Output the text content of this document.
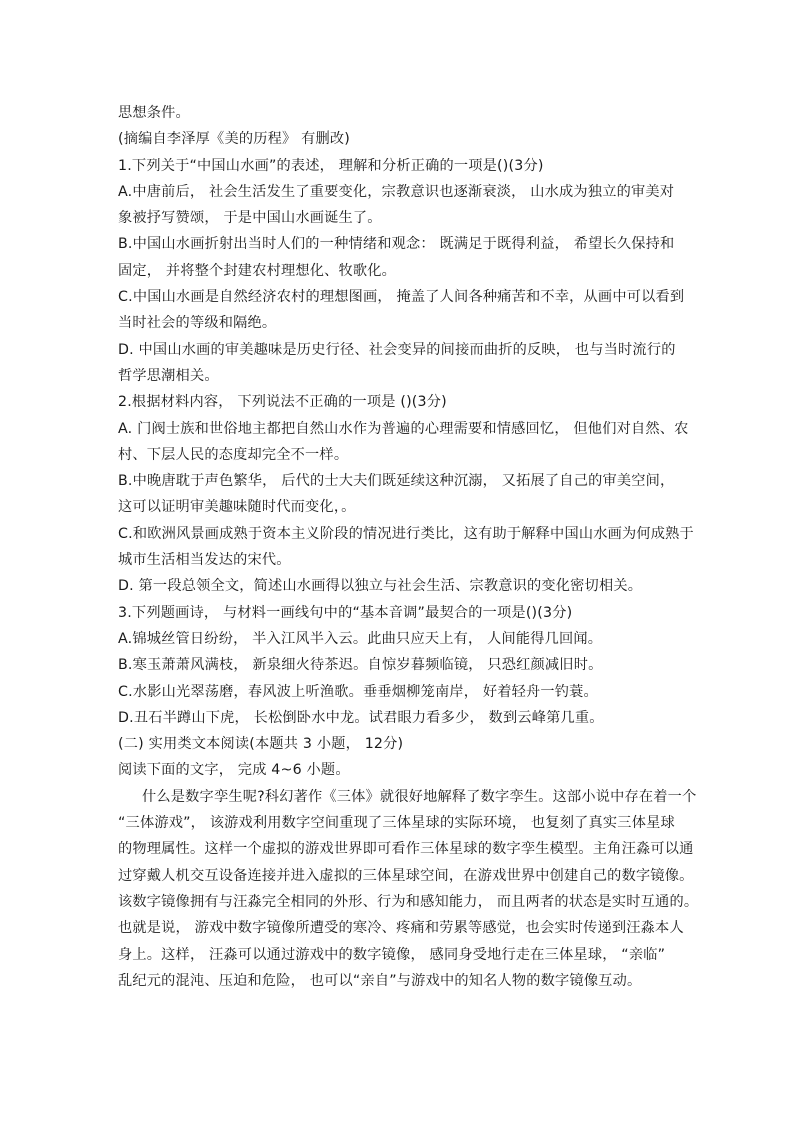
思想条件。
(摘编自李泽厚《美的历程》 有删改)
1.下列关于“中国山水画”的表述， 理解和分析正确的一项是()(3分)
A.中唐前后， 社会生活发生了重要变化，宗教意识也逐渐衰淡， 山水成为独立的审美对
象被抒写赞颂， 于是中国山水画诞生了。
B.中国山水画折射出当时人们的一种情绪和观念： 既满足于既得利益， 希望长久保持和
固定， 并将整个封建农村理想化、牧歌化。
C.中国山水画是自然经济农村的理想图画， 掩盖了人间各种痛苦和不幸，从画中可以看到
当时社会的等级和隔绝。
D. 中国山水画的审美趣味是历史行径、社会变异的间接而曲折的反映， 也与当时流行的
哲学思潮相关。
2.根据材料内容， 下列说法不正确的一项是 ()(3分)
A. 门阀士族和世俗地主都把自然山水作为普遍的心理需要和情感回忆， 但他们对自然、农
村、下层人民的态度却完全不一样。
B.中晚唐耽于声色繁华， 后代的士大夫们既延续这种沉溺， 又拓展了自己的审美空间，
这可以证明审美趣味随时代而变化，。
C.和欧洲风景画成熟于资本主义阶段的情况进行类比，这有助于解释中国山水画为何成熟于
城市生活相当发达的宋代。
D. 第一段总领全文，简述山水画得以独立与社会生活、宗教意识的变化密切相关。
3.下列题画诗， 与材料一画线句中的“基本音调”最契合的一项是()(3分)
A.锦城丝管日纷纷， 半入江风半入云。此曲只应天上有， 人间能得几回闻。
B.寒玉萧萧风满枝， 新泉细火待茶迟。自惊岁暮频临镜， 只恐红颜减旧时。
C.水影山光翠荡磨，春风波上听渔歌。垂垂烟柳笼南岸， 好着轻舟一钓蓑。
D.丑石半蹲山下虎， 长松倒卧水中龙。试君眼力看多少， 数到云峰第几重。
(二) 实用类文本阅读(本题共 3 小题， 12分)
阅读下面的文字， 完成 4~6 小题。
什么是数字孪生呢?科幻著作《三体》就很好地解释了数字孪生。这部小说中存在着一个
“三体游戏”， 该游戏利用数字空间重现了三体星球的实际环境， 也复刻了真实三体星球
的物理属性。这样一个虚拟的游戏世界即可看作三体星球的数字孪生模型。主角汪淼可以通
过穿戴人机交互设备连接并进入虚拟的三体星球空间，在游戏世界中创建自己的数字镜像。
该数字镜像拥有与汪淼完全相同的外形、行为和感知能力， 而且两者的状态是实时互通的。
也就是说， 游戏中数字镜像所遭受的寒冷、疼痛和劳累等感觉，也会实时传递到汪淼本人
身上。这样， 汪淼可以通过游戏中的数字镜像， 感同身受地行走在三体星球， “亲临”
乱纪元的混沌、压迫和危险， 也可以“亲自”与游戏中的知名人物的数字镜像互动。
